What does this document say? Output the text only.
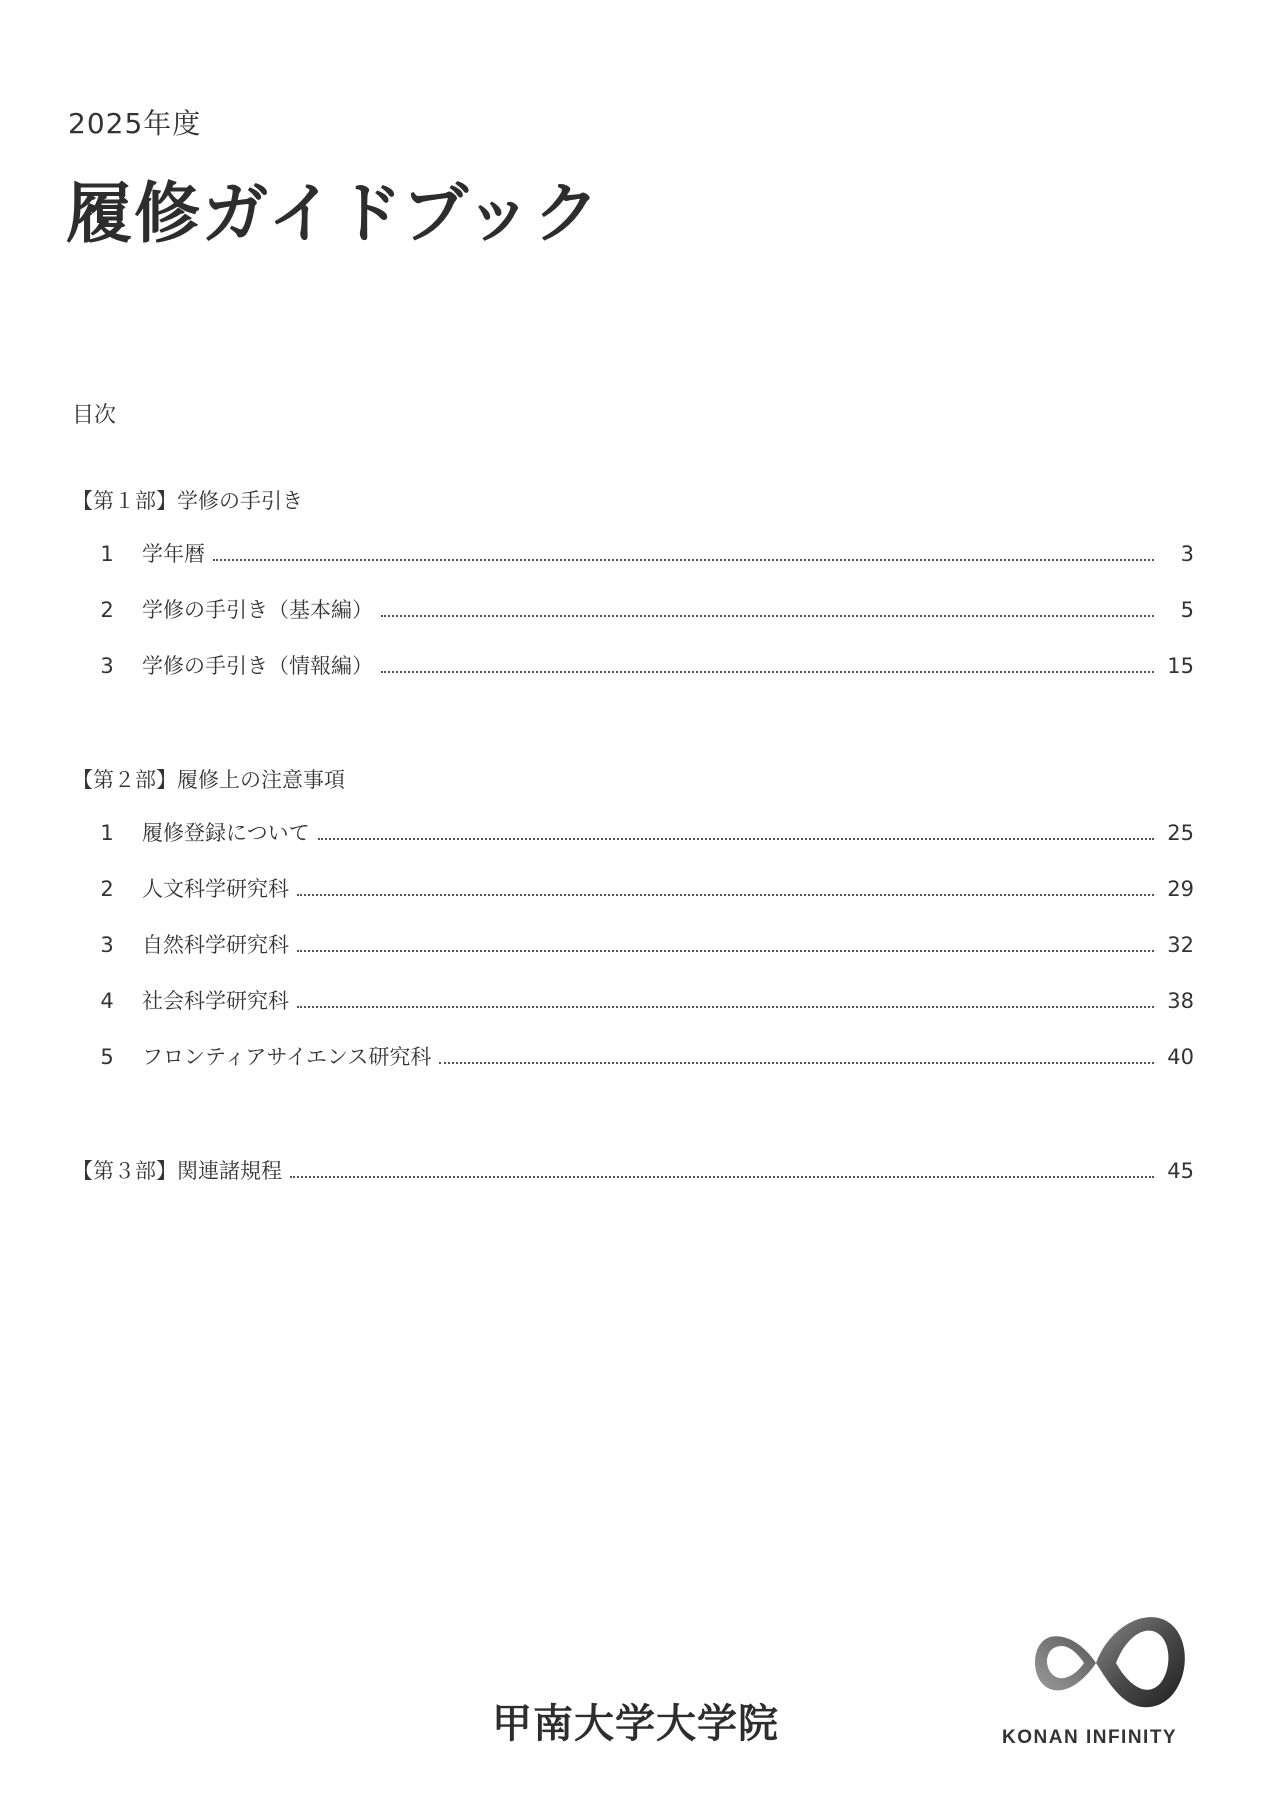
2025年度
履修ガイドブック
目次
【第１部】学修の手引き
1	学年暦	3
2	学修の手引き（基本編）	5
3	学修の手引き（情報編）	15
【第２部】履修上の注意事項
1	履修登録について	25
2	人文科学研究科	29
3	自然科学研究科	32
4	社会科学研究科	38
5	フロンティアサイエンス研究科	40
【第３部】関連諸規程	45
甲南大学大学院	KONAN INFINITY
